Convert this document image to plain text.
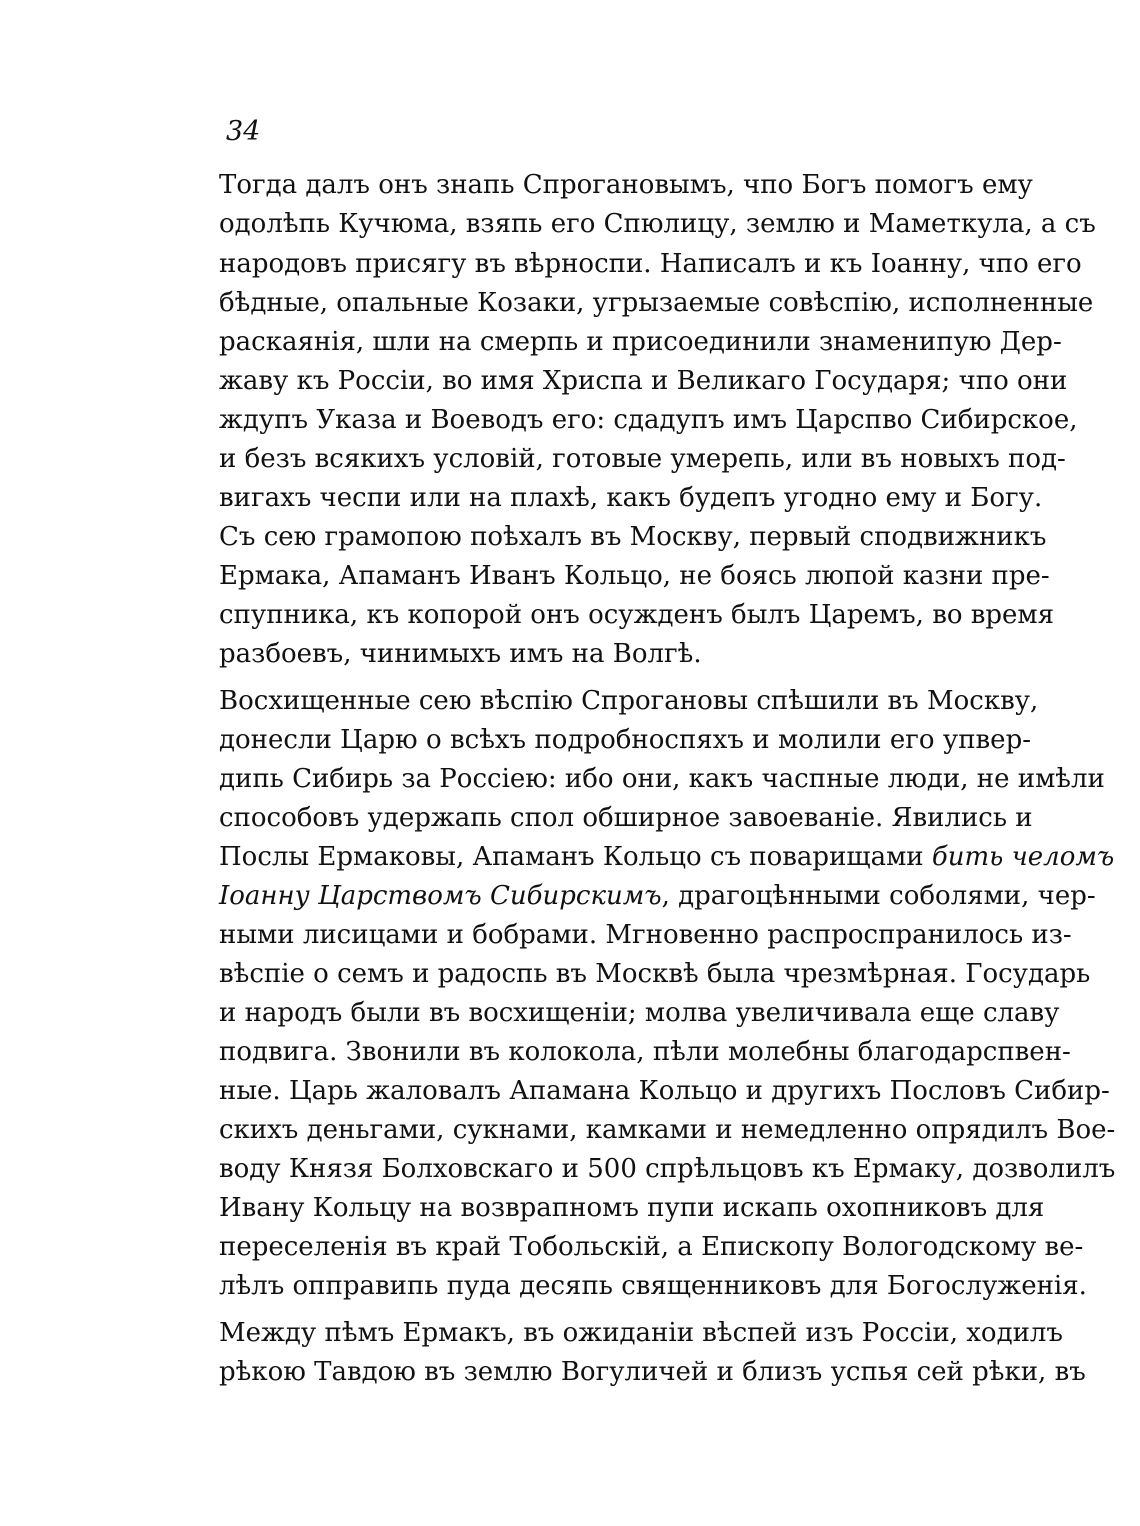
34
Тогда далъ онъ знапь Спрогановымъ, чпо Богъ помогъ ему
одолѣпь Кучюма, взяпь его Спюлицу, землю и Маметкула, а съ
народовъ присягу въ вѣрноспи. Написалъ и къ Іоанну, чпо его
бѣдные, опальные Козаки, угрызаемые совѣспію, исполненные
раскаянія, шли на смерпь и присоединили знаменипую Дер-
жаву къ Россіи, во имя Хриспа и Великаго Государя; чпо они
ждупъ Указа и Воеводъ его: сдадупъ имъ Царспво Сибирское,
и безъ всякихъ условій, готовые умерепь, или въ новыхъ под-
вигахъ чеспи или на плахѣ, какъ будепъ угодно ему и Богу.
Съ сею грамопою поѣхалъ въ Москву, первый сподвижникъ
Ермака, Апаманъ Иванъ Кольцо, не боясь люпой казни пре-
спупника, къ копорой онъ осужденъ былъ Царемъ, во время
разбоевъ, чинимыхъ имъ на Волгѣ.
Восхищенные сею вѣспію Спрогановы спѣшили въ Москву,
донесли Царю о всѣхъ подробноспяхъ и молили его упвер-
дипь Сибирь за Россіею: ибо они, какъ часпные люди, не имѣли
способовъ удержапь спол обширное завоеваніе. Явились и
Послы Ермаковы, Апаманъ Кольцо съ поварищами бить челомъ
Іоанну Царствомъ Сибирскимъ, драгоцѣнными соболями, чер-
ными лисицами и бобрами. Мгновенно распроспранилось из-
вѣспіе о семъ и радоспь въ Москвѣ была чрезмѣрная. Государь
и народъ были въ восхищеніи; молва увеличивала еще славу
подвига. Звонили въ колокола, пѣли молебны благодарспвен-
ные. Царь жаловалъ Апамана Кольцо и другихъ Пословъ Сибир-
скихъ деньгами, сукнами, камками и немедленно опрядилъ Вое-
воду Князя Болховскаго и 500 спрѣльцовъ къ Ермаку, дозволилъ
Ивану Кольцу на возврапномъ пупи искапь охопниковъ для
переселенія въ край Тобольскій, а Епископу Вологодскому ве-
лѣлъ опправипь пуда десяпь священниковъ для Богослуженія.
Между пѣмъ Ермакъ, въ ожиданіи вѣспей изъ Россіи, ходилъ
рѣкою Тавдою въ землю Вогуличей и близъ успья сей рѣки, въ
